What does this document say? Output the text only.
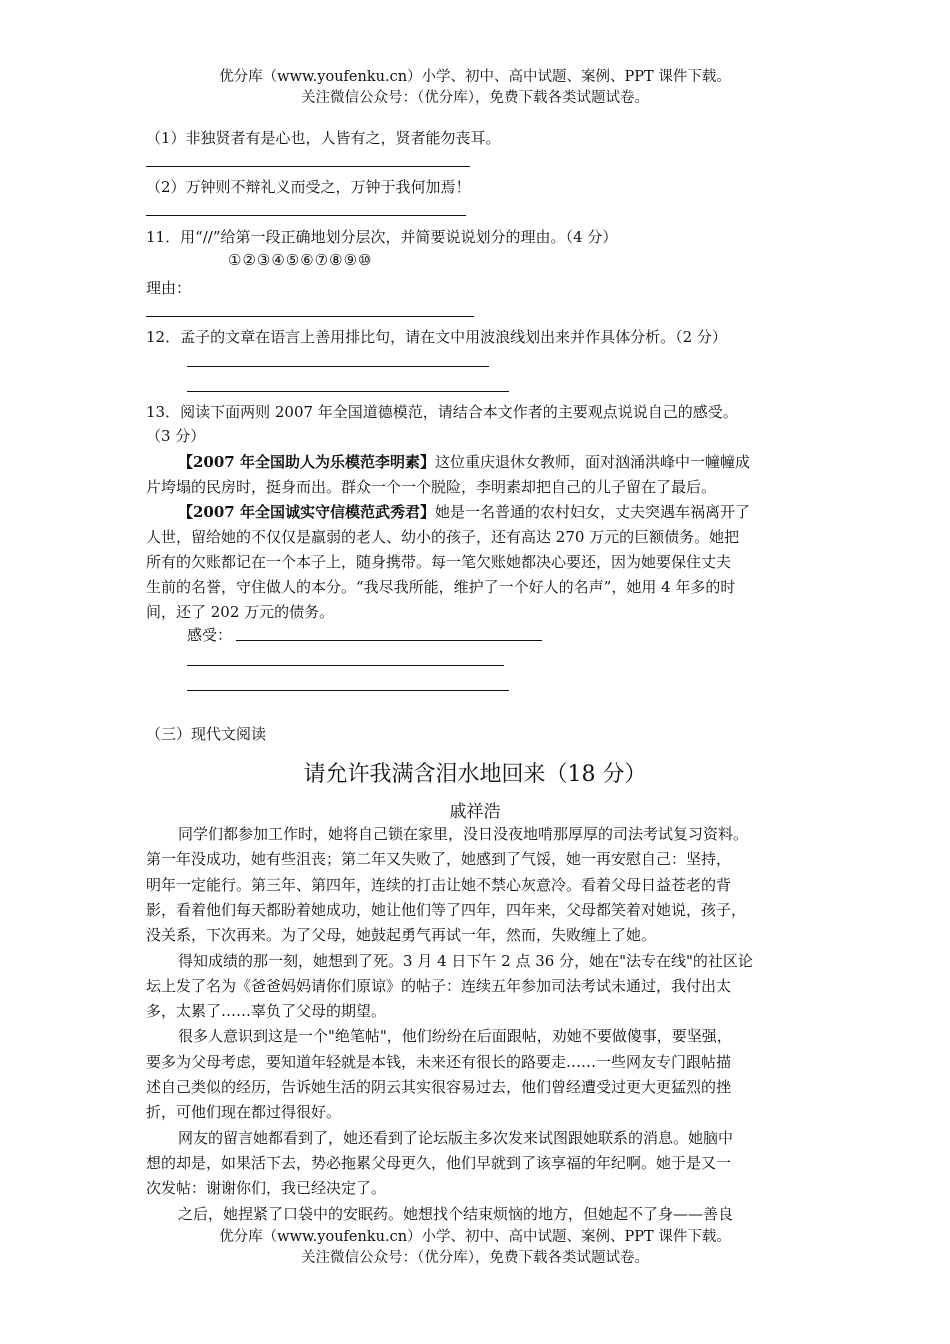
优分库（www.youfenku.cn）小学、初中、高中试题、案例、PPT 课件下载。
关注微信公众号：（优分库），免费下载各类试题试卷。
（1）非独贤者有是心也，人皆有之，贤者能勿丧耳。
（2）万钟则不辩礼义而受之，万钟于我何加焉！
11．用“//”给第一段正确地划分层次，并简要说说划分的理由。（4 分）
①②③④⑤⑥⑦⑧⑨⑩
理由：
12．孟子的文章在语言上善用排比句，请在文中用波浪线划出来并作具体分析。（2 分）
13．阅读下面两则 2007 年全国道德模范，请结合本文作者的主要观点说说自己的感受。
（3 分）
【2007 年全国助人为乐模范李明素】这位重庆退休女教师，面对汹涌洪峰中一幢幢成
片垮塌的民房时，挺身而出。群众一个一个脱险，李明素却把自己的儿子留在了最后。
【2007 年全国诚实守信模范武秀君】她是一名普通的农村妇女，丈夫突遇车祸离开了
人世，留给她的不仅仅是羸弱的老人、幼小的孩子，还有高达 270 万元的巨额债务。她把
所有的欠账都记在一个本子上，随身携带。每一笔欠账她都决心要还，因为她要保住丈夫
生前的名誉，守住做人的本分。“我尽我所能，维护了一个好人的名声”，她用 4 年多的时
间，还了 202 万元的债务。
感受：
（三）现代文阅读
请允许我满含泪水地回来（18 分）
戚祥浩
同学们都参加工作时，她将自己锁在家里，没日没夜地啃那厚厚的司法考试复习资料。
第一年没成功，她有些沮丧；第二年又失败了，她感到了气馁，她一再安慰自己：坚持，
明年一定能行。第三年、第四年，连续的打击让她不禁心灰意冷。看着父母日益苍老的背
影，看着他们每天都盼着她成功，她让他们等了四年，四年来，父母都笑着对她说，孩子，
没关系，下次再来。为了父母，她鼓起勇气再试一年，然而，失败缠上了她。
得知成绩的那一刻，她想到了死。3 月 4 日下午 2 点 36 分，她在"法专在线"的社区论
坛上发了名为《爸爸妈妈请你们原谅》的帖子：连续五年参加司法考试未通过，我付出太
多，太累了……辜负了父母的期望。
很多人意识到这是一个"绝笔帖"，他们纷纷在后面跟帖，劝她不要做傻事，要坚强，
要多为父母考虑，要知道年轻就是本钱，未来还有很长的路要走……一些网友专门跟帖描
述自己类似的经历，告诉她生活的阴云其实很容易过去，他们曾经遭受过更大更猛烈的挫
折，可他们现在都过得很好。
网友的留言她都看到了，她还看到了论坛版主多次发来试图跟她联系的消息。她脑中
想的却是，如果活下去，势必拖累父母更久，他们早就到了该享福的年纪啊。她于是又一
次发帖：谢谢你们，我已经决定了。
之后，她捏紧了口袋中的安眠药。她想找个结束烦恼的地方，但她起不了身——善良
优分库（www.youfenku.cn）小学、初中、高中试题、案例、PPT 课件下载。
关注微信公众号：（优分库），免费下载各类试题试卷。
